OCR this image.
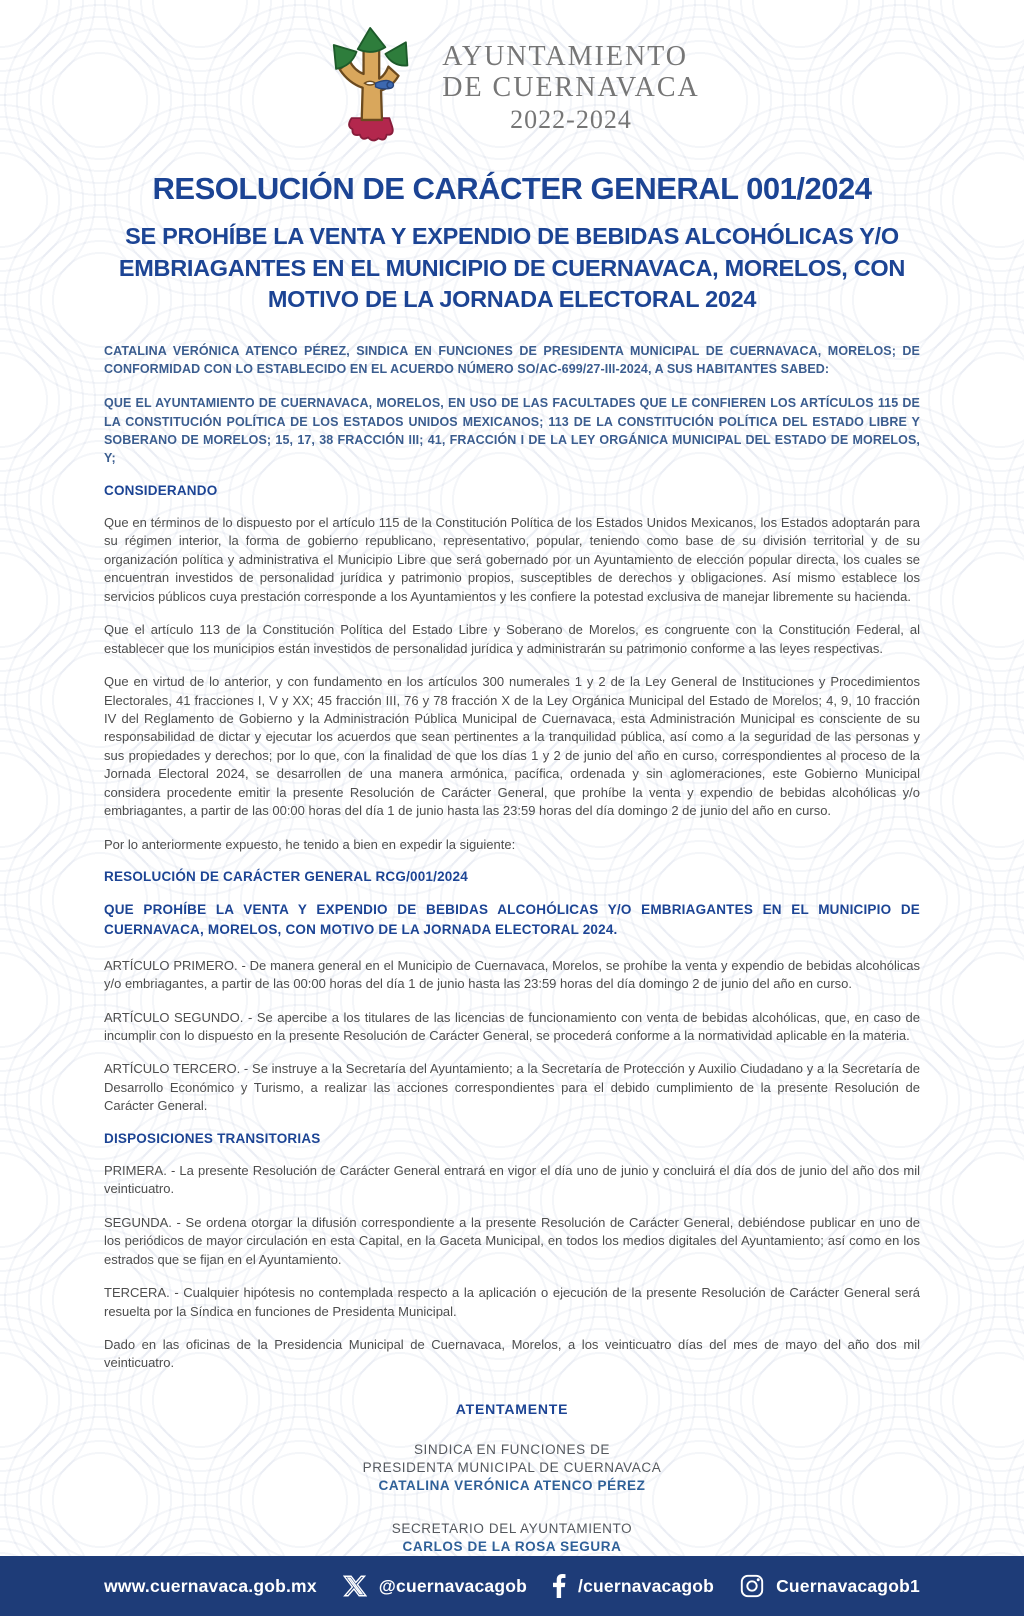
AYUNTAMIENTO
DE CUERNAVACA
2022-2024
RESOLUCIÓN DE CARÁCTER GENERAL 001/2024
SE PROHÍBE LA VENTA Y EXPENDIO DE BEBIDAS ALCOHÓLICAS Y/O EMBRIAGANTES EN EL MUNICIPIO DE CUERNAVACA, MORELOS, CON MOTIVO DE LA JORNADA ELECTORAL 2024

CATALINA VERÓNICA ATENCO PÉREZ, SINDICA EN FUNCIONES DE PRESIDENTA MUNICIPAL DE CUERNAVACA, MORELOS; DE CONFORMIDAD CON LO ESTABLECIDO EN EL ACUERDO NÚMERO SO/AC-699/27-III-2024, A SUS HABITANTES SABED:

QUE EL AYUNTAMIENTO DE CUERNAVACA, MORELOS, EN USO DE LAS FACULTADES QUE LE CONFIEREN LOS ARTÍCULOS 115 DE LA CONSTITUCIÓN POLÍTICA DE LOS ESTADOS UNIDOS MEXICANOS; 113 DE LA CONSTITUCIÓN POLÍTICA DEL ESTADO LIBRE Y SOBERANO DE MORELOS; 15, 17, 38 FRACCIÓN III; 41, FRACCIÓN I DE LA LEY ORGÁNICA MUNICIPAL DEL ESTADO DE MORELOS, Y;

CONSIDERANDO

Que en términos de lo dispuesto por el artículo 115 de la Constitución Política de los Estados Unidos Mexicanos, los Estados adoptarán para su régimen interior, la forma de gobierno republicano, representativo, popular, teniendo como base de su división territorial y de su organización política y administrativa el Municipio Libre que será gobernado por un Ayuntamiento de elección popular directa, los cuales se encuentran investidos de personalidad jurídica y patrimonio propios, susceptibles de derechos y obligaciones. Así mismo establece los servicios públicos cuya prestación corresponde a los Ayuntamientos y les confiere la potestad exclusiva de manejar libremente su hacienda.

Que el artículo 113 de la Constitución Política del Estado Libre y Soberano de Morelos, es congruente con la Constitución Federal, al establecer que los municipios están investidos de personalidad jurídica y administrarán su patrimonio conforme a las leyes respectivas.

Que en virtud de lo anterior, y con fundamento en los artículos 300 numerales 1 y 2 de la Ley General de Instituciones y Procedimientos Electorales, 41 fracciones I, V y XX; 45 fracción III, 76 y 78 fracción X de la Ley Orgánica Municipal del Estado de Morelos; 4, 9, 10 fracción IV del Reglamento de Gobierno y la Administración Pública Municipal de Cuernavaca, esta Administración Municipal es consciente de su responsabilidad de dictar y ejecutar los acuerdos que sean pertinentes a la tranquilidad pública, así como a la seguridad de las personas y sus propiedades y derechos; por lo que, con la finalidad de que los días 1 y 2 de junio del año en curso, correspondientes al proceso de la Jornada Electoral 2024, se desarrollen de una manera armónica, pacífica, ordenada y sin aglomeraciones, este Gobierno Municipal considera procedente emitir la presente Resolución de Carácter General, que prohíbe la venta y expendio de bebidas alcohólicas y/o embriagantes, a partir de las 00:00 horas del día 1 de junio hasta las 23:59 horas del día domingo 2 de junio del año en curso.

Por lo anteriormente expuesto, he tenido a bien en expedir la siguiente:

RESOLUCIÓN DE CARÁCTER GENERAL RCG/001/2024
QUE PROHÍBE LA VENTA Y EXPENDIO DE BEBIDAS ALCOHÓLICAS Y/O EMBRIAGANTES EN EL MUNICIPIO DE CUERNAVACA, MORELOS, CON MOTIVO DE LA JORNADA ELECTORAL 2024.

ARTÍCULO PRIMERO. - De manera general en el Municipio de Cuernavaca, Morelos, se prohíbe la venta y expendio de bebidas alcohólicas y/o embriagantes, a partir de las 00:00 horas del día 1 de junio hasta las 23:59 horas del día domingo 2 de junio del año en curso.

ARTÍCULO SEGUNDO. - Se apercibe a los titulares de las licencias de funcionamiento con venta de bebidas alcohólicas, que, en caso de incumplir con lo dispuesto en la presente Resolución de Carácter General, se procederá conforme a la normatividad aplicable en la materia.

ARTÍCULO TERCERO. - Se instruye a la Secretaría del Ayuntamiento; a la Secretaría de Protección y Auxilio Ciudadano y a la Secretaría de Desarrollo Económico y Turismo, a realizar las acciones correspondientes para el debido cumplimiento de la presente Resolución de Carácter General.

DISPOSICIONES TRANSITORIAS

PRIMERA. - La presente Resolución de Carácter General entrará en vigor el día uno de junio y concluirá el día dos de junio del año dos mil veinticuatro.

SEGUNDA. - Se ordena otorgar la difusión correspondiente a la presente Resolución de Carácter General, debiéndose publicar en uno de los periódicos de mayor circulación en esta Capital, en la Gaceta Municipal, en todos los medios digitales del Ayuntamiento; así como en los estrados que se fijan en el Ayuntamiento.

TERCERA. - Cualquier hipótesis no contemplada respecto a la aplicación o ejecución de la presente Resolución de Carácter General será resuelta por la Síndica en funciones de Presidenta Municipal.

Dado en las oficinas de la Presidencia Municipal de Cuernavaca, Morelos, a los veinticuatro días del mes de mayo del año dos mil veinticuatro.

ATENTAMENTE
SINDICA EN FUNCIONES DE
PRESIDENTA MUNICIPAL DE CUERNAVACA
CATALINA VERÓNICA ATENCO PÉREZ
SECRETARIO DEL AYUNTAMIENTO
CARLOS DE LA ROSA SEGURA
www.cuernavaca.gob.mx	@cuernavacagob	/cuernavacagob	Cuernavacagob1
